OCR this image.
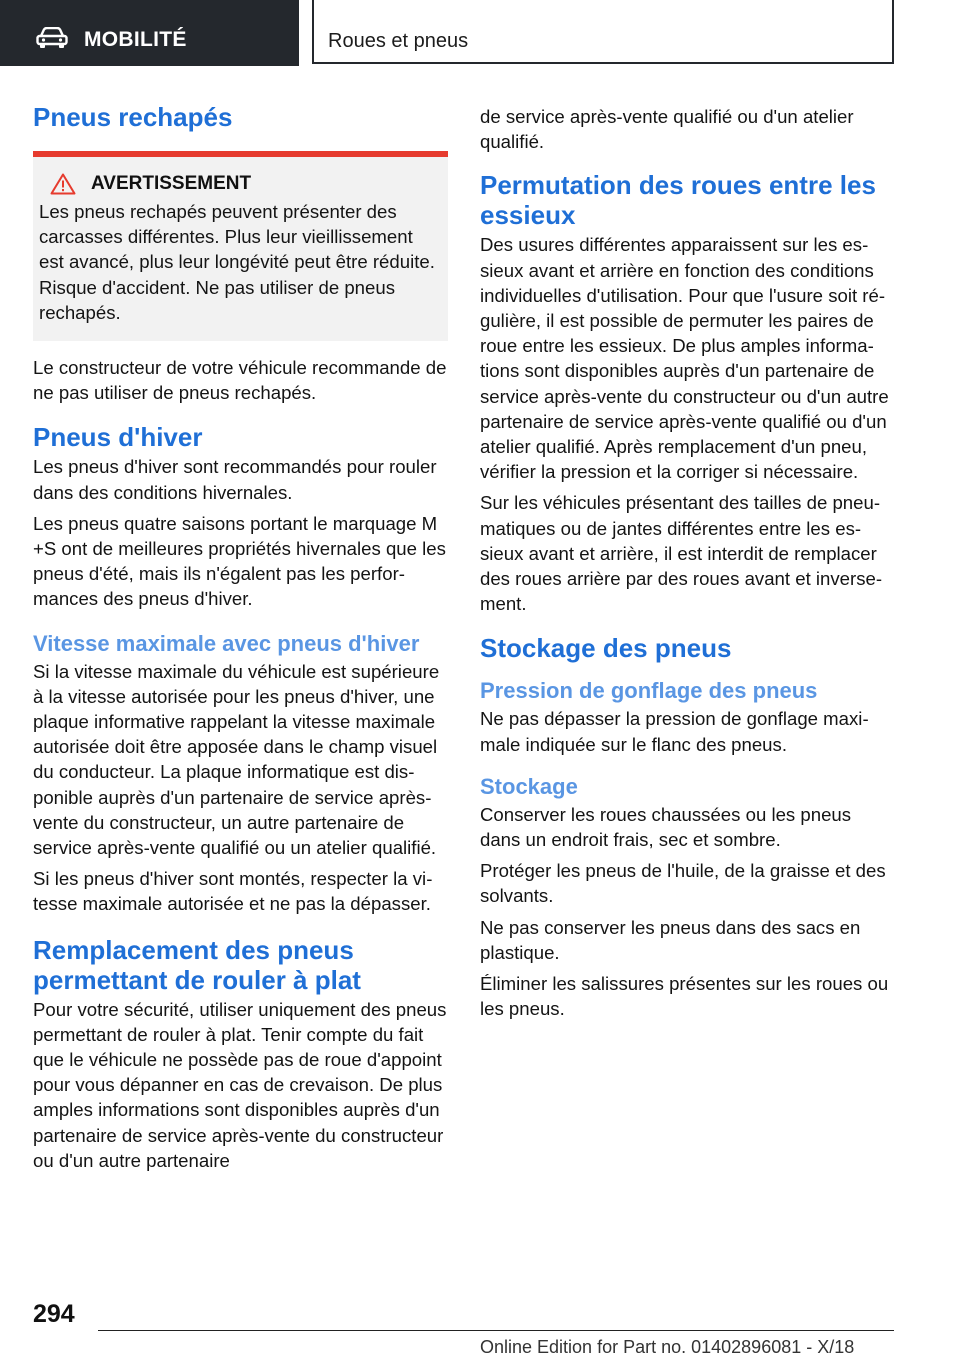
MOBILITÉ	Roues et pneus
Pneus rechapés
AVERTISSEMENT

Les pneus rechapés peuvent présenter des carcasses différentes. Plus leur vieillissement est avancé, plus leur longévité peut être réduite. Risque d'accident. Ne pas utiliser de pneus rechapés.

Le constructeur de votre véhicule recommande de ne pas utiliser de pneus rechapés.

Pneus d'hiver

Les pneus d'hiver sont recommandés pour rouler dans des conditions hivernales.

Les pneus quatre saisons portant le marquage M +S ont de meilleures propriétés hivernales que les pneus d'été, mais ils n'égalent pas les performances des pneus d'hiver.

Vitesse maximale avec pneus d'hiver

Si la vitesse maximale du véhicule est supérieure à la vitesse autorisée pour les pneus d'hiver, une plaque informative rappelant la vitesse maximale autorisée doit être apposée dans le champ visuel du conducteur. La plaque informatique est disponible auprès d'un partenaire de service après-vente du constructeur, un autre partenaire de service après-vente qualifié ou un atelier qualifié.

Si les pneus d'hiver sont montés, respecter la vitesse maximale autorisée et ne pas la dépasser.

Remplacement des pneus permettant de rouler à plat

Pour votre sécurité, utiliser uniquement des pneus permettant de rouler à plat. Tenir compte du fait que le véhicule ne possède pas de roue d'appoint pour vous dépanner en cas de crevaison. De plus amples informations sont disponibles auprès d'un partenaire de service après-vente du constructeur ou d'un autre partenaire

de service après-vente qualifié ou d'un atelier qualifié.

Permutation des roues entre les essieux

Des usures différentes apparaissent sur les essieux avant et arrière en fonction des conditions individuelles d'utilisation. Pour que l'usure soit régulière, il est possible de permuter les paires de roue entre les essieux. De plus amples informations sont disponibles auprès d'un partenaire de service après-vente du constructeur ou d'un autre partenaire de service après-vente qualifié ou d'un atelier qualifié. Après remplacement d'un pneu, vérifier la pression et la corriger si nécessaire.

Sur les véhicules présentant des tailles de pneumatiques ou de jantes différentes entre les essieux avant et arrière, il est interdit de remplacer des roues arrière par des roues avant et inversement.

Stockage des pneus
Pression de gonflage des pneus

Ne pas dépasser la pression de gonflage maximale indiquée sur le flanc des pneus.

Stockage

Conserver les roues chaussées ou les pneus dans un endroit frais, sec et sombre.

Protéger les pneus de l'huile, de la graisse et des solvants.

Ne pas conserver les pneus dans des sacs en plastique.

Éliminer les salissures présentes sur les roues ou les pneus.

294
Online Edition for Part no. 01402896081 - X/18
